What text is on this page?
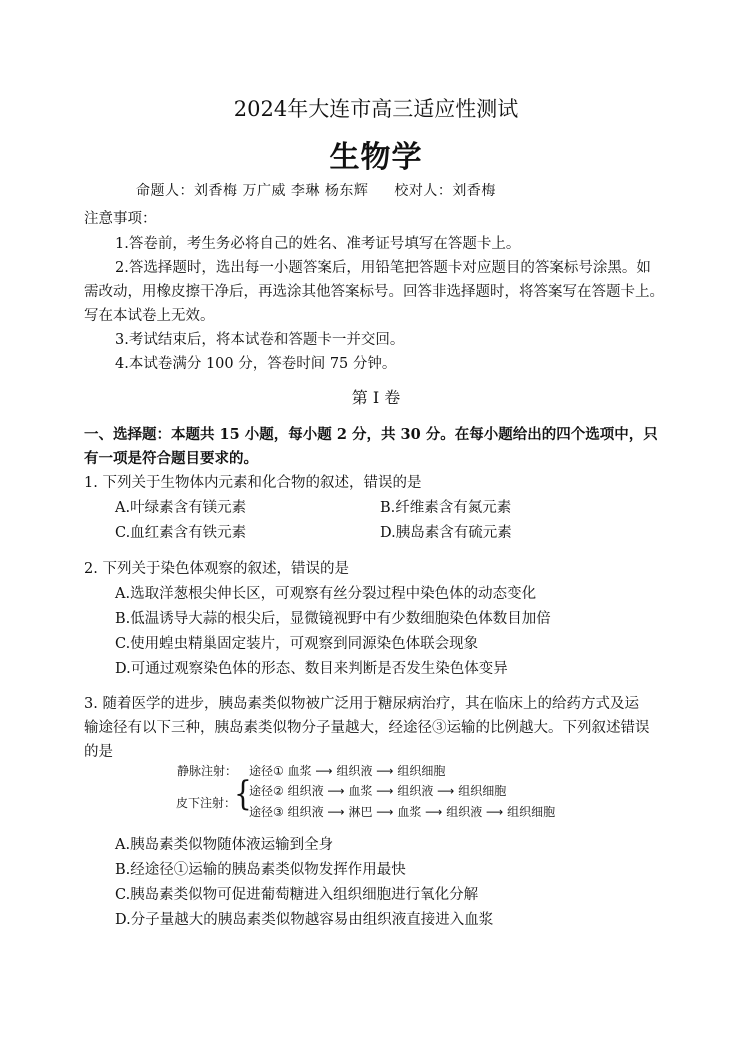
2024年大连市高三适应性测试
生物学
命题人：刘香梅 万广威 李琳 杨东辉 校对人：刘香梅
注意事项：
1.答卷前，考生务必将自己的姓名、准考证号填写在答题卡上。
2.答选择题时，选出每一小题答案后，用铅笔把答题卡对应题目的答案标号涂黑。如
需改动，用橡皮擦干净后，再选涂其他答案标号。回答非选择题时，将答案写在答题卡上。
写在本试卷上无效。
3.考试结束后，将本试卷和答题卡一并交回。
4.本试卷满分 100 分，答卷时间 75 分钟。
第 I 卷
一、选择题：本题共 15 小题，每小题 2 分，共 30 分。在每小题给出的四个选项中，只
有一项是符合题目要求的。
1. 下列关于生物体内元素和化合物的叙述，错误的是
A.叶绿素含有镁元素	B.纤维素含有氮元素
C.血红素含有铁元素	D.胰岛素含有硫元素
2. 下列关于染色体观察的叙述，错误的是
A.选取洋葱根尖伸长区，可观察有丝分裂过程中染色体的动态变化
B.低温诱导大蒜的根尖后，显微镜视野中有少数细胞染色体数目加倍
C.使用蝗虫精巢固定装片，可观察到同源染色体联会现象
D.可通过观察染色体的形态、数目来判断是否发生染色体变异
3. 随着医学的进步，胰岛素类似物被广泛用于糖尿病治疗，其在临床上的给药方式及运
输途径有以下三种，胰岛素类似物分子量越大，经途径③运输的比例越大。下列叙述错误
的是
静脉注射： 途径① 血浆 ⟶ 组织液 ⟶ 组织细胞
皮下注射：
{
途径② 组织液 ⟶ 血浆 ⟶ 组织液 ⟶ 组织细胞
途径③ 组织液 ⟶ 淋巴 ⟶ 血浆 ⟶ 组织液 ⟶ 组织细胞
A.胰岛素类似物随体液运输到全身
B.经途径①运输的胰岛素类似物发挥作用最快
C.胰岛素类似物可促进葡萄糖进入组织细胞进行氧化分解
D.分子量越大的胰岛素类似物越容易由组织液直接进入血浆
